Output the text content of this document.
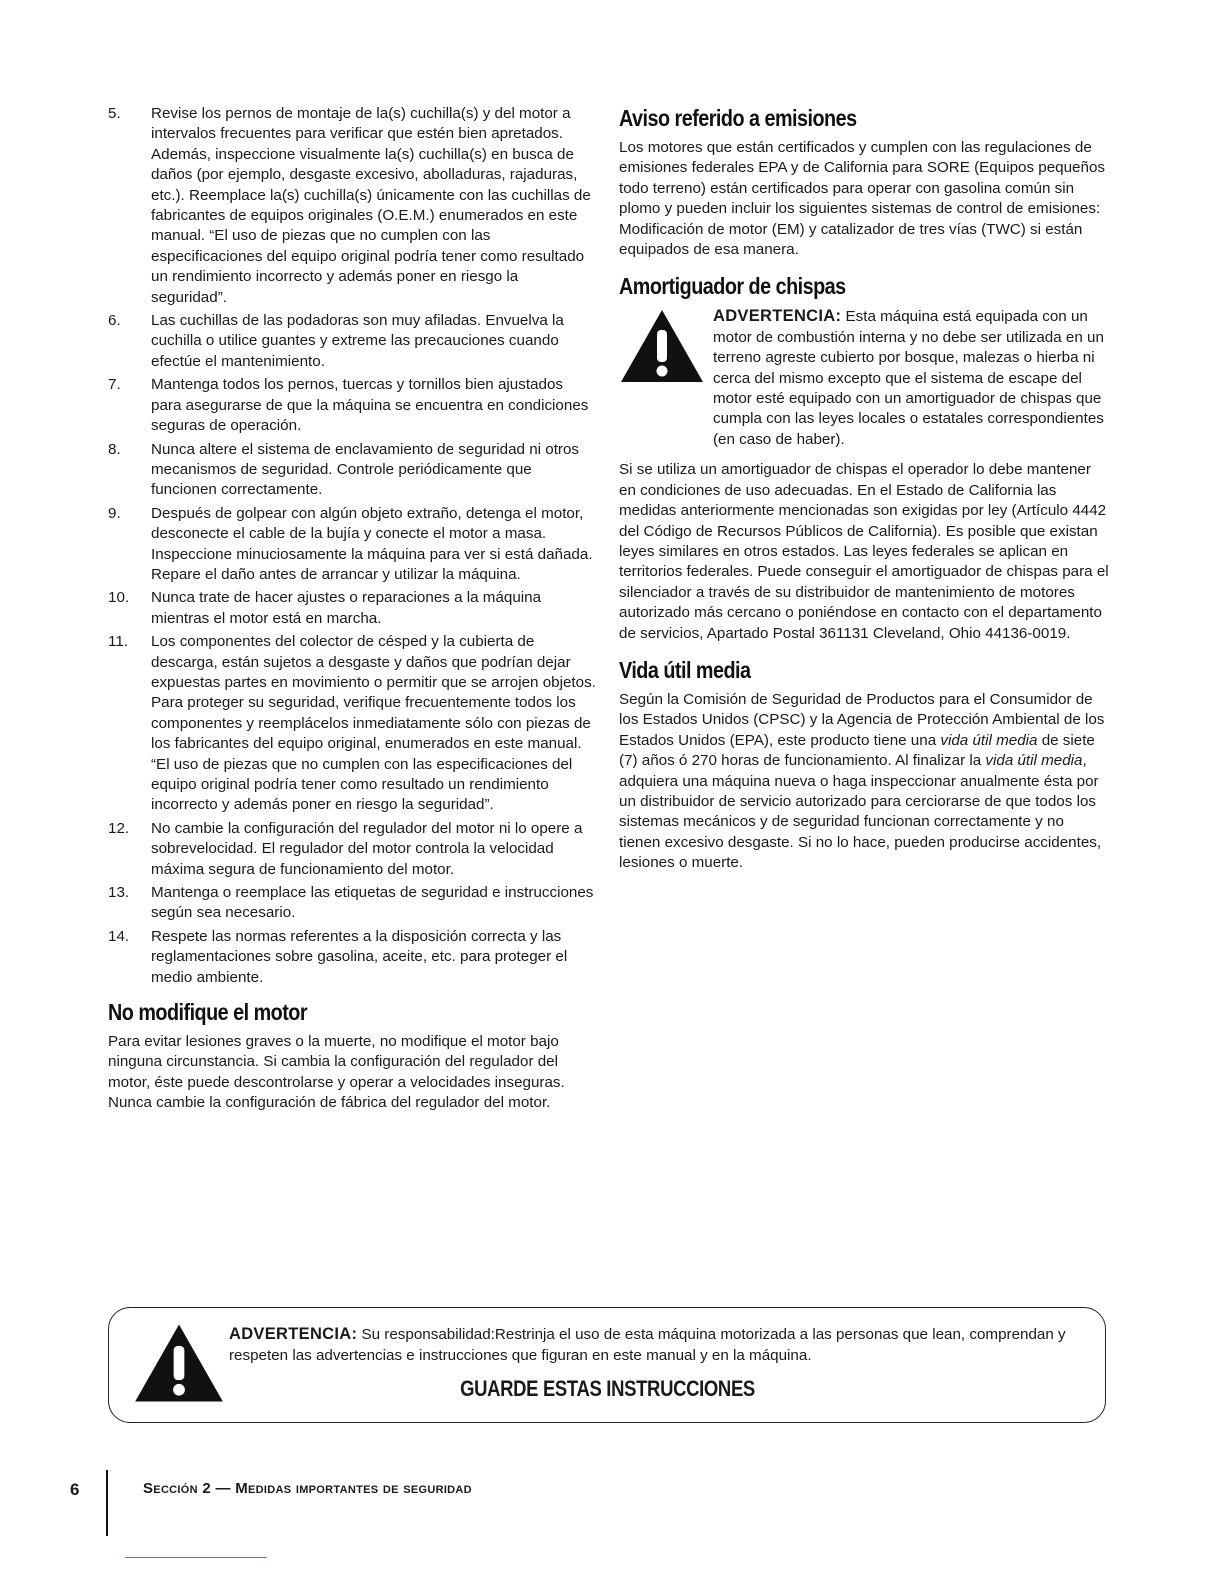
5. Revise los pernos de montaje de la(s) cuchilla(s) y del motor a intervalos frecuentes para verificar que estén bien apretados. Además, inspeccione visualmente la(s) cuchilla(s) en busca de daños (por ejemplo, desgaste excesivo, abolladuras, rajaduras, etc.). Reemplace la(s) cuchilla(s) únicamente con las cuchillas de fabricantes de equipos originales (O.E.M.) enumerados en este manual. “El uso de piezas que no cumplen con las especificaciones del equipo original podría tener como resultado un rendimiento incorrecto y además poner en riesgo la seguridad”.
6. Las cuchillas de las podadoras son muy afiladas. Envuelva la cuchilla o utilice guantes y extreme las precauciones cuando efectúe el mantenimiento.
7. Mantenga todos los pernos, tuercas y tornillos bien ajustados para asegurarse de que la máquina se encuentra en condiciones seguras de operación.
8. Nunca altere el sistema de enclavamiento de seguridad ni otros mecanismos de seguridad. Controle periódicamente que funcionen correctamente.
9. Después de golpear con algún objeto extraño, detenga el motor, desconecte el cable de la bujía y conecte el motor a masa. Inspeccione minuciosamente la máquina para ver si está dañada. Repare el daño antes de arrancar y utilizar la máquina.
10. Nunca trate de hacer ajustes o reparaciones a la máquina mientras el motor está en marcha.
11. Los componentes del colector de césped y la cubierta de descarga, están sujetos a desgaste y daños que podrían dejar expuestas partes en movimiento o permitir que se arrojen objetos. Para proteger su seguridad, verifique frecuentemente todos los componentes y reemplácelos inmediatamente sólo con piezas de los fabricantes del equipo original, enumerados en este manual. “El uso de piezas que no cumplen con las especificaciones del equipo original podría tener como resultado un rendimiento incorrecto y además poner en riesgo la seguridad”.
12. No cambie la configuración del regulador del motor ni lo opere a sobrevelocidad. El regulador del motor controla la velocidad máxima segura de funcionamiento del motor.
13. Mantenga o reemplace las etiquetas de seguridad e instrucciones según sea necesario.
14. Respete las normas referentes a la disposición correcta y las reglamentaciones sobre gasolina, aceite, etc. para proteger el medio ambiente.
No modifique el motor

Para evitar lesiones graves o la muerte, no modifique el motor bajo ninguna circunstancia. Si cambia la configuración del regulador del motor, éste puede descontrolarse y operar a velocidades inseguras. Nunca cambie la configuración de fábrica del regulador del motor.

Aviso referido a emisiones

Los motores que están certificados y cumplen con las regulaciones de emisiones federales EPA y de California para SORE (Equipos pequeños todo terreno) están certificados para operar con gasolina común sin plomo y pueden incluir los siguientes sistemas de control de emisiones: Modificación de motor (EM) y catalizador de tres vías (TWC) si están equipados de esa manera.

Amortiguador de chispas
ADVERTENCIA: Esta máquina está equipada con un motor de combustión interna y no debe ser utilizada en un terreno agreste cubierto por bosque, malezas o hierba ni cerca del mismo excepto que el sistema de escape del motor esté equipado con un amortiguador de chispas que cumpla con las leyes locales o estatales correspondientes (en caso de haber).

Si se utiliza un amortiguador de chispas el operador lo debe mantener en condiciones de uso adecuadas. En el Estado de California las medidas anteriormente mencionadas son exigidas por ley (Artículo 4442 del Código de Recursos Públicos de California). Es posible que existan leyes similares en otros estados. Las leyes federales se aplican en territorios federales. Puede conseguir el amortiguador de chispas para el silenciador a través de su distribuidor de mantenimiento de motores autorizado más cercano o poniéndose en contacto con el departamento de servicios, Apartado Postal 361131 Cleveland, Ohio 44136-0019.

Vida útil media

Según la Comisión de Seguridad de Productos para el Consumidor de los Estados Unidos (CPSC) y la Agencia de Protección Ambiental de los Estados Unidos (EPA), este producto tiene una vida útil media de siete (7) años ó 270 horas de funcionamiento. Al finalizar la vida útil media, adquiera una máquina nueva o haga inspeccionar anualmente ésta por un distribuidor de servicio autorizado para cerciorarse de que todos los sistemas mecánicos y de seguridad funcionan correctamente y no tienen excesivo desgaste. Si no lo hace, pueden producirse accidentes, lesiones o muerte.

ADVERTENCIA: Su responsabilidad:Restrinja el uso de esta máquina motorizada a las personas que lean, comprendan y respeten las advertencias e instrucciones que figuran en este manual y en la máquina.
GUARDE ESTAS INSTRUCCIONES
6	Sección 2 — Medidas importantes de seguridad
